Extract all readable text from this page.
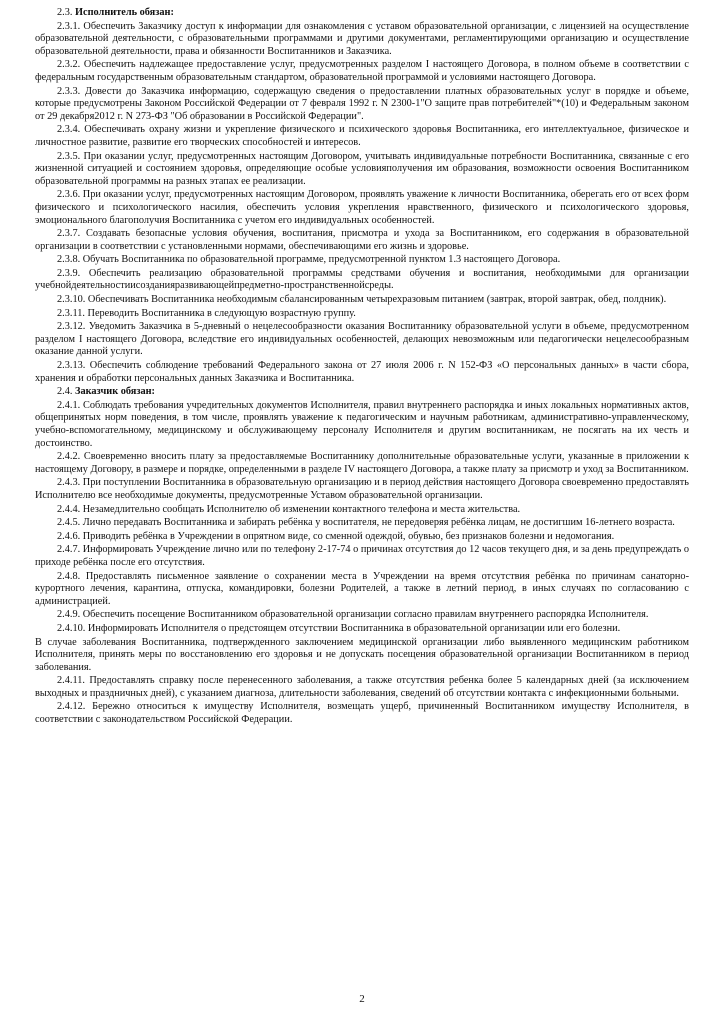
2.3. Исполнитель обязан:

2.3.1. Обеспечить Заказчику доступ к информации для ознакомления с уставом образовательной организации, с лицензией на осуществление образовательной деятельности, с образовательными программами и другими документами, регламентирующими организацию и осуществление образовательной деятельности, права и обязанности Воспитанников и Заказчика.

2.3.2. Обеспечить надлежащее предоставление услуг, предусмотренных разделом I настоящего Договора, в полном объеме в соответствии с федеральным государственным образовательным стандартом, образовательной программой и условиями настоящего Договора.

2.3.3. Довести до Заказчика информацию, содержащую сведения о предоставлении платных образовательных услуг в порядке и объеме, которые предусмотрены Законом Российской Федерации от 7 февраля 1992 г. N 2300-1"О защите прав потребителей"*(10) и Федеральным законом от 29 декабря2012 г. N 273-ФЗ "Об образовании в Российской Федерации".

2.3.4. Обеспечивать охрану жизни и укрепление физического и психического здоровья Воспитанника, его интеллектуальное, физическое и личностное развитие, развитие его творческих способностей и интересов.

2.3.5. При оказании услуг, предусмотренных настоящим Договором, учитывать индивидуальные потребности Воспитанника, связанные с его жизненной ситуацией и состоянием здоровья, определяющие особые условияполучения им образования, возможности освоения Воспитанником образовательной программы на разных этапах ее реализации.

2.3.6. При оказании услуг, предусмотренных настоящим Договором, проявлять уважение к личности Воспитанника, оберегать его от всех форм физического и психологического насилия, обеспечить условия укрепления нравственного, физического и психологического здоровья, эмоционального благополучия Воспитанника с учетом его индивидуальных особенностей.

2.3.7. Создавать безопасные условия обучения, воспитания, присмотра и ухода за Воспитанником, его содержания в образовательной организации в соответствии с установленными нормами, обеспечивающими его жизнь и здоровье.

2.3.8. Обучать Воспитанника по образовательной программе, предусмотренной пунктом 1.3 настоящего Договора.

2.3.9. Обеспечить реализацию образовательной программы средствами обучения и воспитания, необходимыми для организации учебнойдеятельностиисозданияразвивающейпредметно-пространственнойсреды.

2.3.10. Обеспечивать Воспитанника необходимым сбалансированным четырехразовым питанием (завтрак, второй завтрак, обед, полдник).

2.3.11. Переводить Воспитанника в следующую возрастную группу.

2.3.12. Уведомить Заказчика в 5-дневный о нецелесообразности оказания Воспитаннику образовательной услуги в объеме, предусмотренном разделом I настоящего Договора, вследствие его индивидуальных особенностей, делающих невозможным или педагогически нецелесообразным оказание данной услуги.

2.3.13. Обеспечить соблюдение требований Федерального закона от 27 июля 2006 г. N 152-ФЗ «О персональных данных» в части сбора, хранения и обработки персональных данных Заказчика и Воспитанника.

2.4. Заказчик обязан:

2.4.1. Соблюдать требования учредительных документов Исполнителя, правил внутреннего распорядка и иных локальных нормативных актов, общепринятых норм поведения, в том числе, проявлять уважение к педагогическим и научным работникам, административно-управленческому, учебно-вспомогательному, медицинскому и обслуживающему персоналу Исполнителя и другим воспитанникам, не посягать на их честь и достоинство.

2.4.2. Своевременно вносить плату за предоставляемые Воспитаннику дополнительные образовательные услуги, указанные в приложении к настоящему Договору, в размере и порядке, определенными в разделе IV настоящего Договора, а также плату за присмотр и уход за Воспитанником.

2.4.3. При поступлении Воспитанника в образовательную организацию и в период действия настоящего Договора своевременно предоставлять Исполнителю все необходимые документы, предусмотренные Уставом образовательной организации.

2.4.4. Незамедлительно сообщать Исполнителю об изменении контактного телефона и места жительства.

2.4.5. Лично передавать Воспитанника и забирать ребёнка у воспитателя, не передоверяя ребёнка лицам, не достигшим 16-летнего возраста.

2.4.6. Приводить ребёнка в Учреждении в опрятном виде, со сменной одеждой, обувью, без признаков болезни и недомогания.

2.4.7. Информировать Учреждение лично или по телефону 2-17-74 о причинах отсутствия до 12 часов текущего дня, и за день предупреждать о приходе ребёнка после его отсутствия.

2.4.8. Предоставлять письменное заявление о сохранении места в Учреждении на время отсутствия ребёнка по причинам санаторно-курортного лечения, карантина, отпуска, командировки, болезни Родителей, а также в летний период, в иных случаях по согласованию с администрацией.

2.4.9. Обеспечить посещение Воспитанником образовательной организации согласно правилам внутреннего распорядка Исполнителя.

2.4.10. Информировать Исполнителя о предстоящем отсутствии Воспитанника в образовательной организации или его болезни.

В случае заболевания Воспитанника, подтвержденного заключением медицинской организации либо выявленного медицинским работником Исполнителя, принять меры по восстановлению его здоровья и не допускать посещения образовательной организации Воспитанником в период заболевания.

2.4.11. Предоставлять справку после перенесенного заболевания, а также отсутствия ребенка более 5 календарных дней (за исключением выходных и праздничных дней), с указанием диагноза, длительности заболевания, сведений об отсутствии контакта с инфекционными больными.

2.4.12. Бережно относиться к имуществу Исполнителя, возмещать ущерб, причиненный Воспитанником имуществу Исполнителя, в соответствии с законодательством Российской Федерации.

2
